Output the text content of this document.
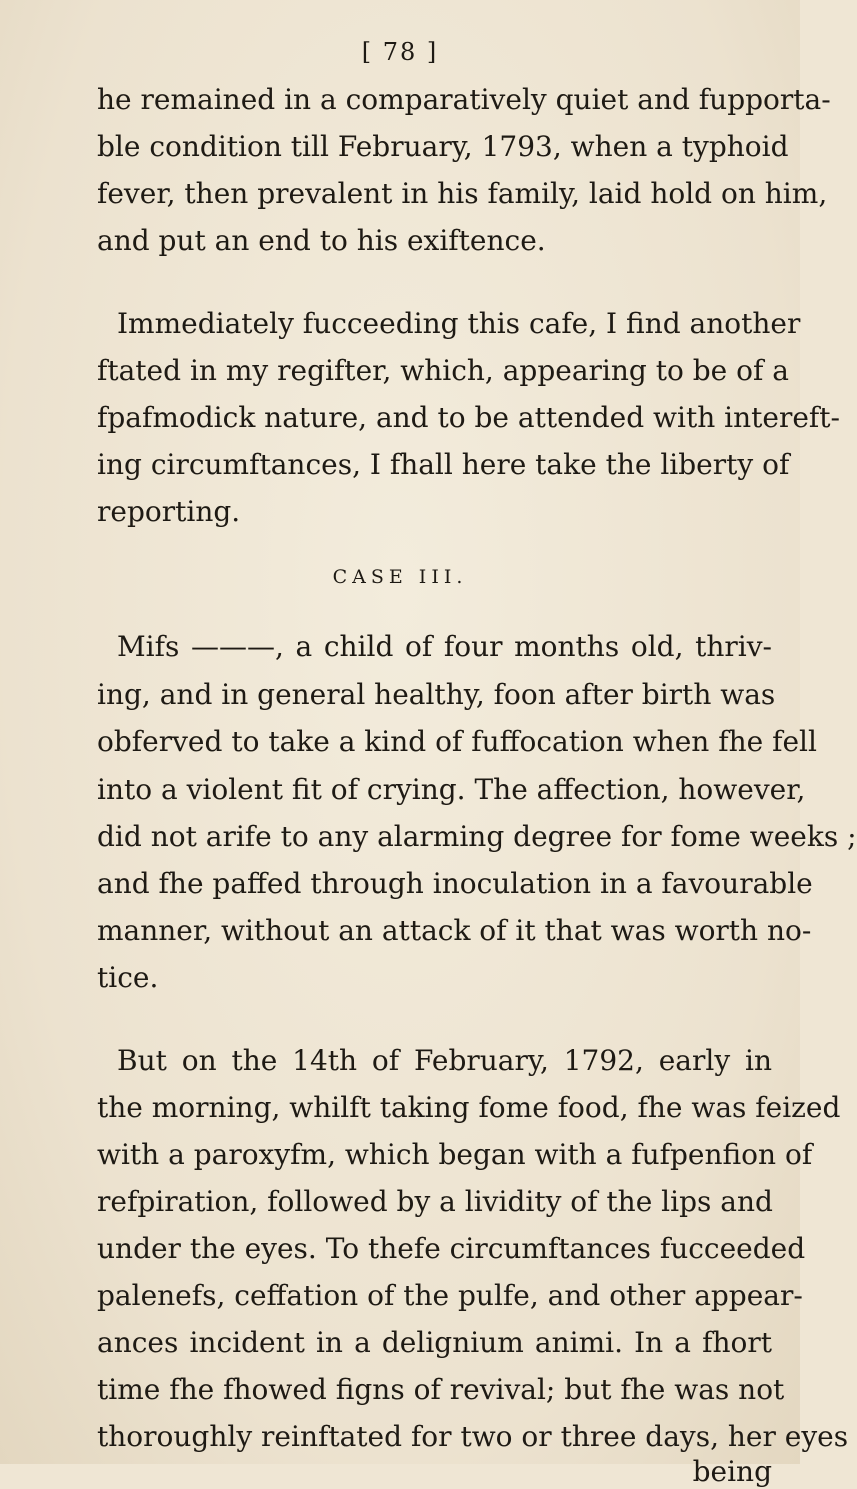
[ 78 ]
he remained in a comparatively quiet and fupporta-
ble condition till February, 1793, when a typhoid
fever, then prevalent in his family, laid hold on him,
and put an end to his exiftence.
Immediately fucceeding this cafe, I find another
ftated in my regifter, which, appearing to be of a
fpafmodick nature, and to be attended with intereft-
ing circumftances, I fhall here take the liberty of
reporting.
CASE III.
Mifs ———, a child of four months old, thriv-
ing, and in general healthy, foon after birth was
obferved to take a kind of fuffocation when fhe fell
into a violent fit of crying. The affection, however,
did not arife to any alarming degree for fome weeks ;
and fhe paffed through inoculation in a favourable
manner, without an attack of it that was worth no-
tice.
But on the 14th of February, 1792, early in
the morning, whilft taking fome food, fhe was feized
with a paroxyfm, which began with a fufpenfion of
refpiration, followed by a lividity of the lips and
under the eyes. To thefe circumftances fucceeded
palenefs, ceffation of the pulfe, and other appear-
ances incident in a delignium animi. In a fhort
time fhe fhowed figns of revival; but fhe was not
thoroughly reinftated for two or three days, her eyes
being
